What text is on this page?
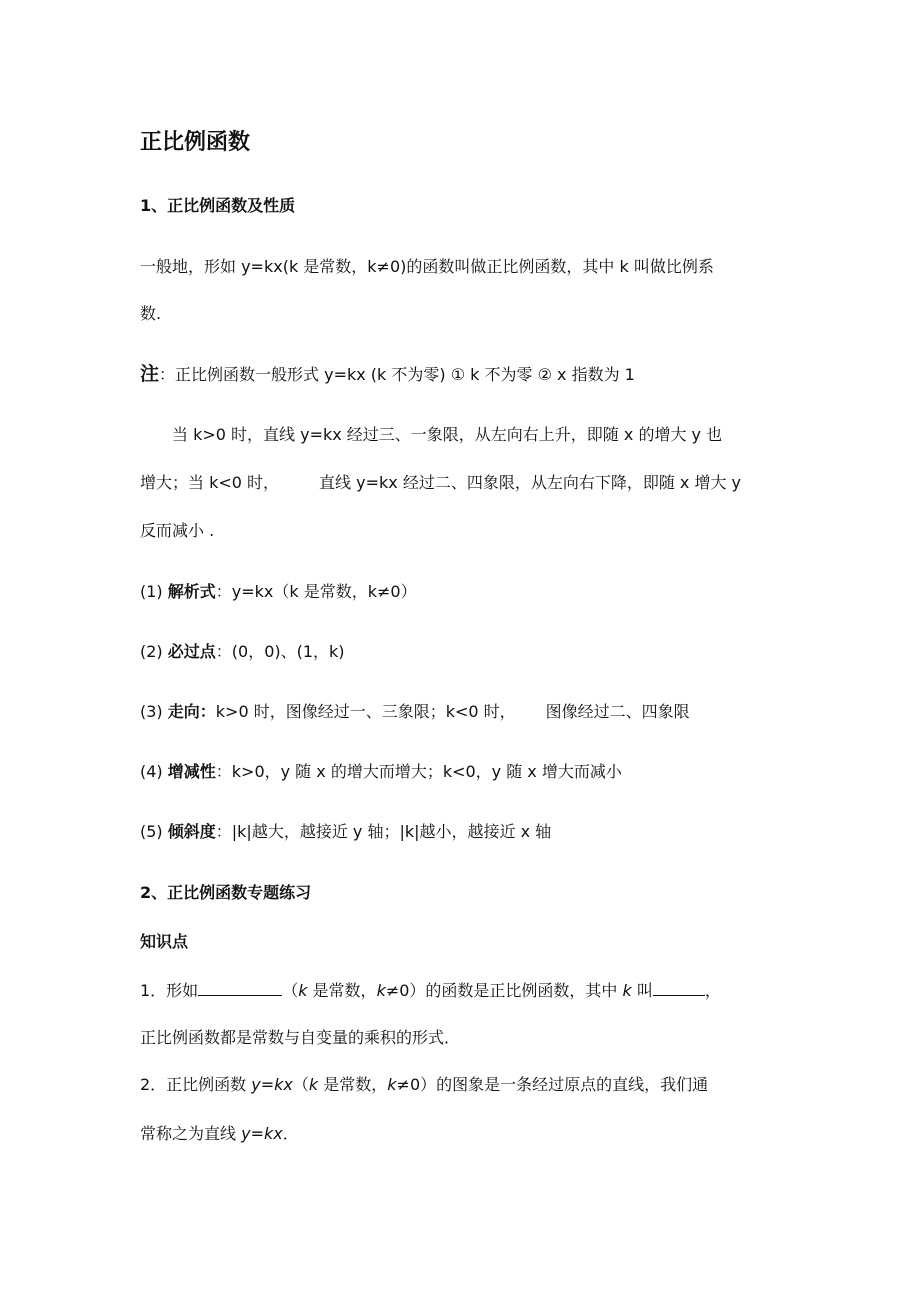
正比例函数
1、正比例函数及性质
一般地，形如 y=kx(k 是常数，k≠0)的函数叫做正比例函数，其中 k 叫做比例系
数.
注：正比例函数一般形式 y=kx (k 不为零) ① k 不为零 ② x 指数为 1
当 k>0 时，直线 y=kx 经过三、一象限，从左向右上升，即随 x 的增大 y 也
增大；当 k<0 时，	直线 y=kx 经过二、四象限，从左向右下降，即随 x 增大 y
反而减小 .
(1) 解析式：y=kx（k 是常数，k≠0）
(2) 必过点：(0，0)、(1，k)
(3) 走向：k>0 时，图像经过一、三象限；k<0 时， 图像经过二、四象限
(4) 增减性：k>0，y 随 x 的增大而增大；k<0，y 随 x 增大而减小
(5) 倾斜度：|k|越大，越接近 y 轴；|k|越小，越接近 x 轴
2、正比例函数专题练习
知识点
1．形如	（k 是常数，k≠0）的函数是正比例函数，其中 k 叫	，
正比例函数都是常数与自变量的乘积的形式．
2．正比例函数 y=kx（k 是常数，k≠0）的图象是一条经过原点的直线，我们通
常称之为直线 y=kx．
